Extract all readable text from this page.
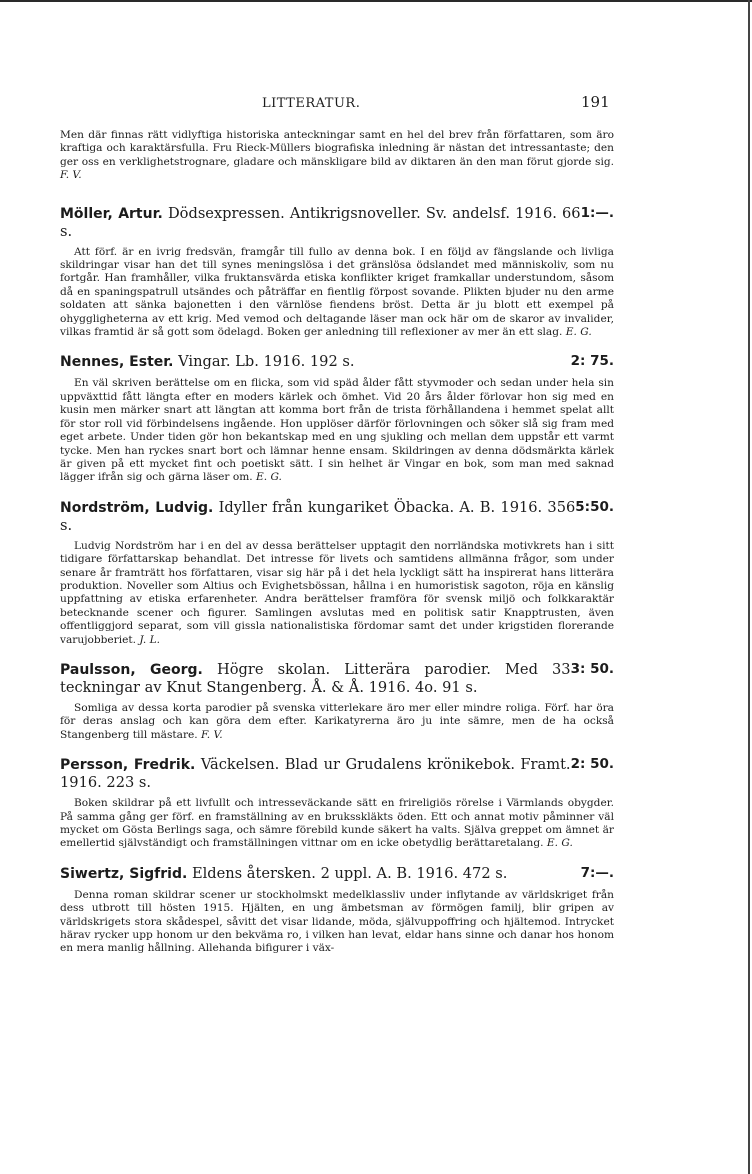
LITTERATUR.	191

Men där finnas rätt vidlyftiga historiska anteckningar samt en hel del brev från författaren, som äro kraftiga och karaktärsfulla. Fru Rieck-Müllers biografiska inledning är nästan det intressantaste; den ger oss en verklighetstrognare, gladare och mänskligare bild av diktaren än den man förut gjorde sig. F. V.

1:—.
Möller, Artur. Dödsexpressen. Antikrigsnoveller. Sv. andelsf. 1916. 66 s.

Att förf. är en ivrig fredsvän, framgår till fullo av denna bok. I en följd av fängslande och livliga skildringar visar han det till synes meningslösa i det gränslösa ödslandet med människoliv, som nu fortgår. Han framhåller, vilka fruktansvärda etiska konflikter kriget framkallar understundom, såsom då en spaningspatrull utsändes och påträffar en fientlig förpost sovande. Plikten bjuder nu den arme soldaten att sänka bajonetten i den värnlöse fiendens bröst. Detta är ju blott ett exempel på ohyggligheterna av ett krig. Med vemod och deltagande läser man ock här om de skaror av invalider, vilkas framtid är så gott som ödelagd. Boken ger anledning till reflexioner av mer än ett slag. E. G.

2: 75.
Nennes, Ester. Vingar. Lb. 1916. 192 s.

En väl skriven berättelse om en flicka, som vid späd ålder fått styvmoder och sedan under hela sin uppväxttid fått längta efter en moders kärlek och ömhet. Vid 20 års ålder förlovar hon sig med en kusin men märker snart att längtan att komma bort från de trista förhållandena i hemmet spelat allt för stor roll vid förbindelsens ingående. Hon upplöser därför förlovningen och söker slå sig fram med eget arbete. Under tiden gör hon bekantskap med en ung sjukling och mellan dem uppstår ett varmt tycke. Men han ryckes snart bort och lämnar henne ensam. Skildringen av denna dödsmärkta kärlek är given på ett mycket fint och poetiskt sätt. I sin helhet är Vingar en bok, som man med saknad lägger ifrån sig och gärna läser om. E. G.

5:50.
Nordström, Ludvig. Idyller från kungariket Öbacka. A. B. 1916. 356 s.

Ludvig Nordström har i en del av dessa berättelser upptagit den norrländska motivkrets han i sitt tidigare författarskap behandlat. Det intresse för livets och samtidens allmänna frågor, som under senare år framträtt hos författaren, visar sig här på i det hela lyckligt sätt ha inspirerat hans litterära produktion. Noveller som Altius och Evighetsbössan, hållna i en humoristisk sagoton, röja en känslig uppfattning av etiska erfarenheter. Andra berättelser framföra för svensk miljö och folkkaraktär betecknande scener och figurer. Samlingen avslutas med en politisk satir Knapptrusten, även offentliggjord separat, som vill gissla nationalistiska fördomar samt det under krigstiden florerande varujobberiet. J. L.

3: 50.
Paulsson, Georg. Högre skolan. Litterära parodier. Med 33 teckningar av Knut Stangenberg. Å. & Å. 1916. 4o. 91 s.

Somliga av dessa korta parodier på svenska vitterlekare äro mer eller mindre roliga. Förf. har öra för deras anslag och kan göra dem efter. Karikatyrerna äro ju inte sämre, men de ha också Stangenberg till mästare. F. V.

2: 50.
Persson, Fredrik. Väckelsen. Blad ur Grudalens krönikebok. Framt. 1916. 223 s.

Boken skildrar på ett livfullt och intresseväckande sätt en frireligiös rörelse i Värmlands obygder. På samma gång ger förf. en framställning av en bruksskläkts öden. Ett och annat motiv påminner väl mycket om Gösta Berlings saga, och sämre förebild kunde säkert ha valts. Själva greppet om ämnet är emellertid självständigt och framställningen vittnar om en icke obetydlig berättaretalang. E. G.

7:—.
Siwertz, Sigfrid. Eldens återsken. 2 uppl. A. B. 1916. 472 s.

Denna roman skildrar scener ur stockholmskt medelklassliv under inflytande av världskriget från dess utbrott till hösten 1915. Hjälten, en ung ämbetsman av förmögen familj, blir gripen av världskrigets stora skådespel, såvitt det visar lidande, möda, självuppoffring och hjältemod. Intrycket härav rycker upp honom ur den bekväma ro, i vilken han levat, eldar hans sinne och danar hos honom en mera manlig hållning. Allehanda bifigurer i väx-
